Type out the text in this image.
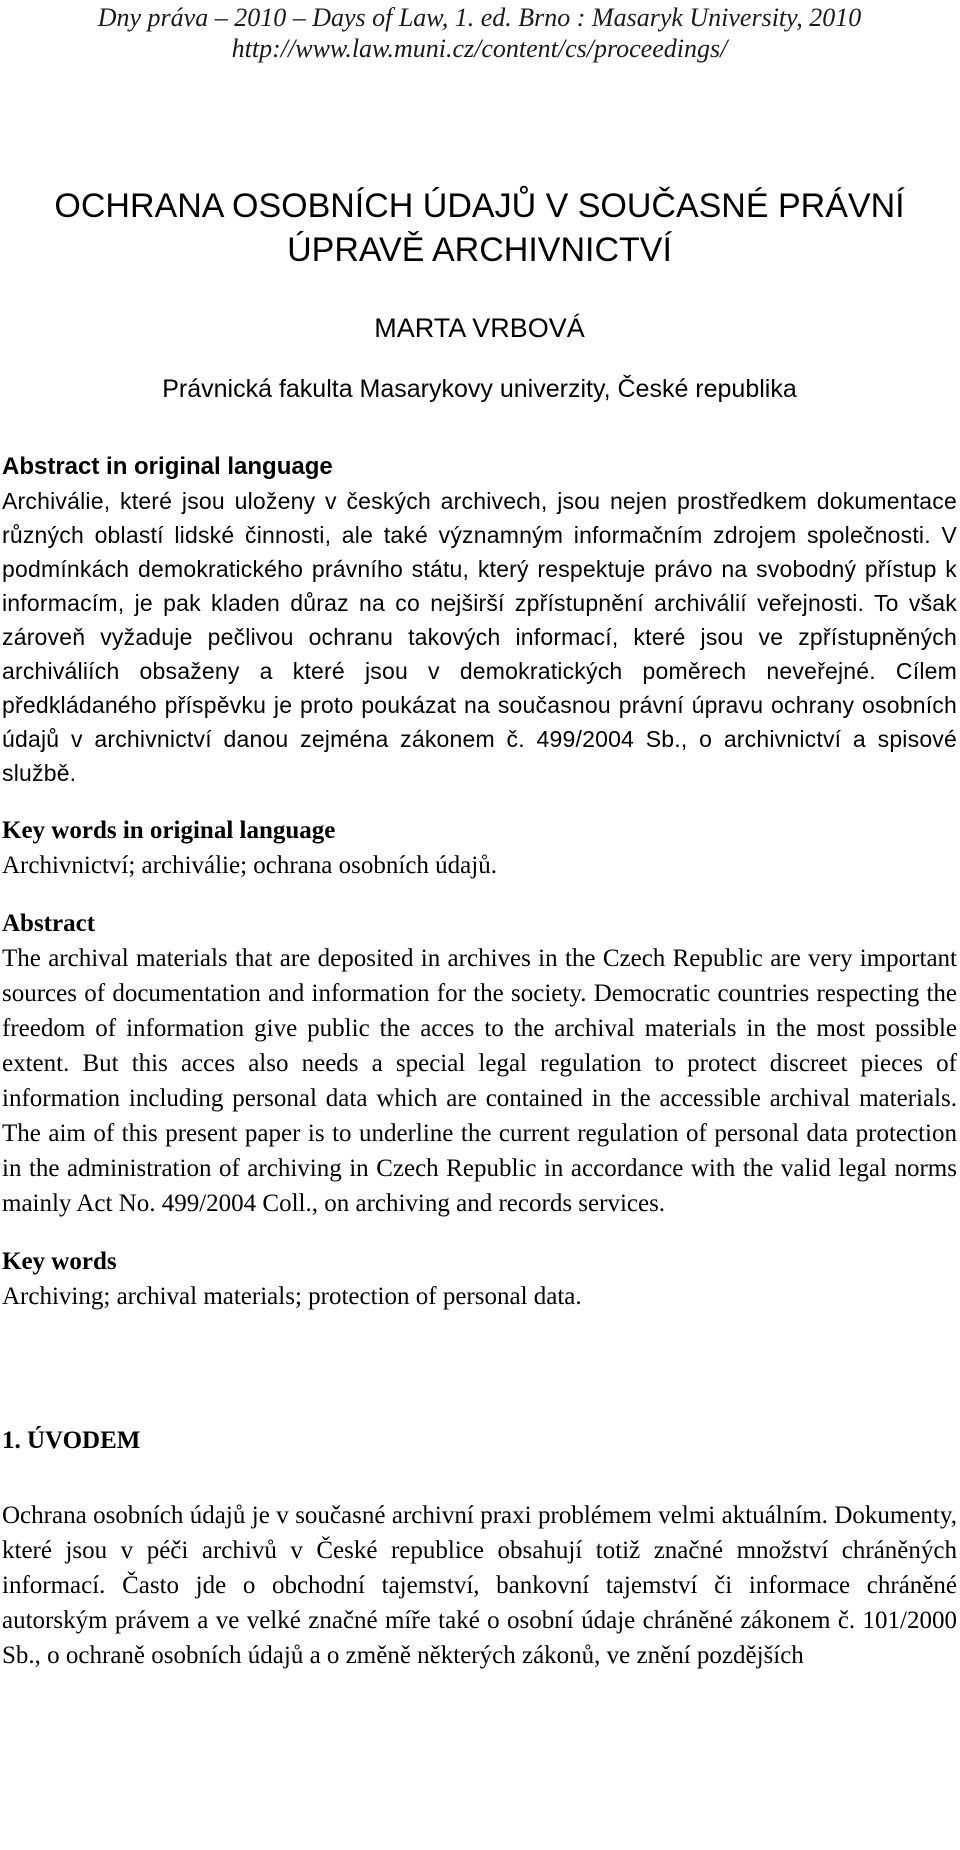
Dny práva – 2010 – Days of Law, 1. ed. Brno : Masaryk University, 2010
http://www.law.muni.cz/content/cs/proceedings/
OCHRANA OSOBNÍCH ÚDAJŮ V SOUČASNÉ PRÁVNÍ ÚPRAVĚ ARCHIVNICTVÍ
MARTA VRBOVÁ
Právnická fakulta Masarykovy univerzity, České republika
Abstract in original language
Archiválie, které jsou uloženy v českých archivech, jsou nejen prostředkem dokumentace různých oblastí lidské činnosti, ale také významným informačním zdrojem společnosti. V podmínkách demokratického právního státu, který respektuje právo na svobodný přístup k informacím, je pak kladen důraz na co nejširší zpřístupnění archiválií veřejnosti. To však zároveň vyžaduje pečlivou ochranu takových informací, které jsou ve zpřístupněných archiváliích obsaženy a které jsou v demokratických poměrech neveřejné. Cílem předkládaného příspěvku je proto poukázat na současnou právní úpravu ochrany osobních údajů v archivnictví danou zejména zákonem č. 499/2004 Sb., o archivnictví a spisové službě.
Key words in original language
Archivnictví; archiválie; ochrana osobních údajů.
Abstract
The archival materials that are deposited in archives in the Czech Republic are very important sources of documentation and information for the society. Democratic countries respecting the freedom of information give public the acces to the archival materials in the most possible extent. But this acces also needs a special legal regulation to protect discreet pieces of information including personal data which are contained in the accessible archival materials. The aim of this present paper is to underline the current regulation of personal data protection in the administration of archiving in Czech Republic in accordance with the valid legal norms mainly Act No. 499/2004 Coll., on archiving and records services.
Key words
Archiving; archival materials; protection of personal data.
1. ÚVODEM
Ochrana osobních údajů je v současné archivní praxi problémem velmi aktuálním. Dokumenty, které jsou v péči archivů v České republice obsahují totiž značné množství chráněných informací. Často jde o obchodní tajemství, bankovní tajemství či informace chráněné autorským právem a ve velké značné míře také o osobní údaje chráněné zákonem č. 101/2000 Sb., o ochraně osobních údajů a o změně některých zákonů, ve znění pozdějších
